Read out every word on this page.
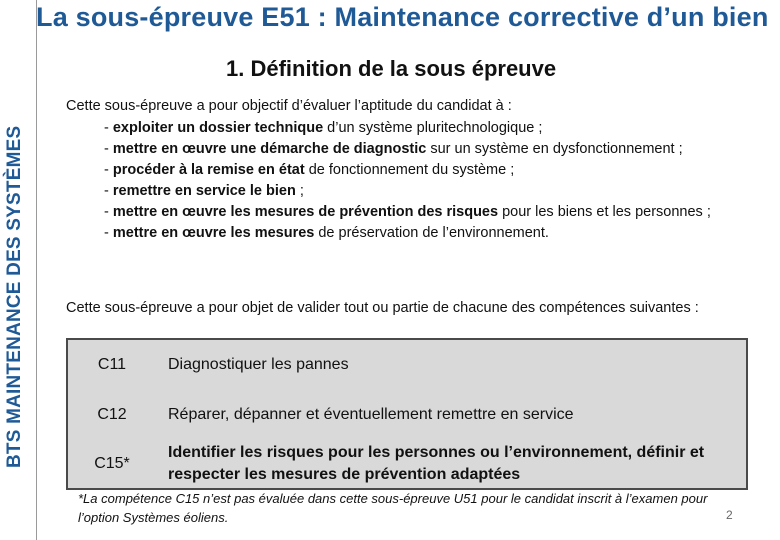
BTS MAINTENANCE DES SYSTÈMES
La sous-épreuve E51 : Maintenance corrective d’un bien
1. Définition de la sous épreuve
Cette sous-épreuve a pour objectif d’évaluer l’aptitude du candidat à :
- exploiter un dossier technique d’un système pluritechnologique ;
- mettre en œuvre une démarche de diagnostic sur un système en dysfonctionnement ;
- procéder à la remise en état de fonctionnement du système ;
- remettre en service le bien ;
- mettre en œuvre les mesures de prévention des risques pour les biens et les personnes ;
- mettre en œuvre les mesures de préservation de l’environnement.
Cette sous-épreuve a pour objet de valider tout ou partie de chacune des compétences suivantes :
C11	Diagnostiquer les pannes
C12	Réparer, dépanner et éventuellement remettre en service
C15*	Identifier les risques pour les personnes ou l’environnement, définir et respecter les mesures de prévention adaptées
*La compétence C15 n’est pas évaluée dans cette sous-épreuve U51 pour le candidat inscrit à l’examen pour l’option Systèmes éoliens.	2
